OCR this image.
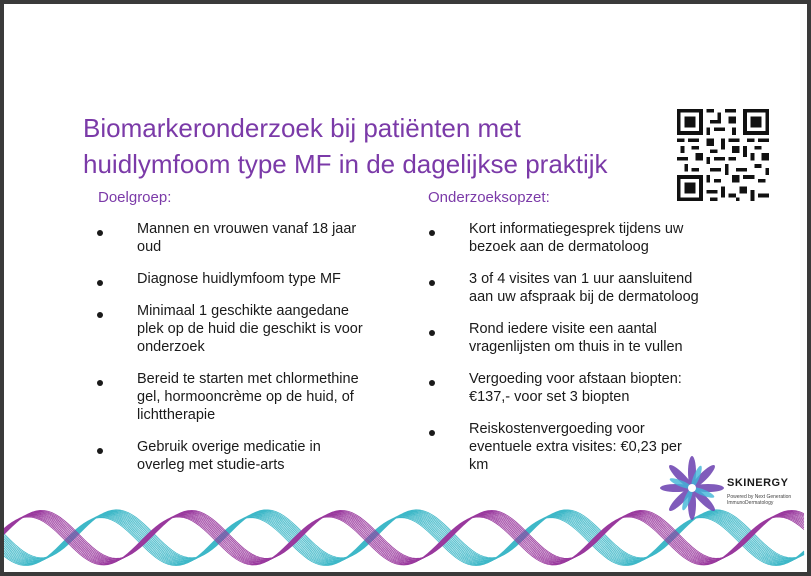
Biomarkeronderzoek bij patiënten met
huidlymfoom type MF in de dagelijkse praktijk
Doelgroep:
Mannen en vrouwen vanaf 18 jaar
oud
Diagnose huidlymfoom type MF
Minimaal 1 geschikte aangedane
plek op de huid die geschikt is voor
onderzoek
Bereid te starten met chlormethine
gel, hormooncrème op de huid, of
lichttherapie
Gebruik overige medicatie in
overleg met studie-arts
Onderzoeksopzet:
Kort informatiegesprek tijdens uw
bezoek aan de dermatoloog
3 of 4 visites van 1 uur aansluitend
aan uw afspraak bij de dermatoloog
Rond iedere visite een aantal
vragenlijsten om thuis in te vullen
Vergoeding voor afstaan biopten:
€137,- voor set 3 biopten
Reiskostenvergoeding voor
eventuele extra visites: €0,23 per
km
SKINERGY
Powered by Next Generation ImmunoDermatology
